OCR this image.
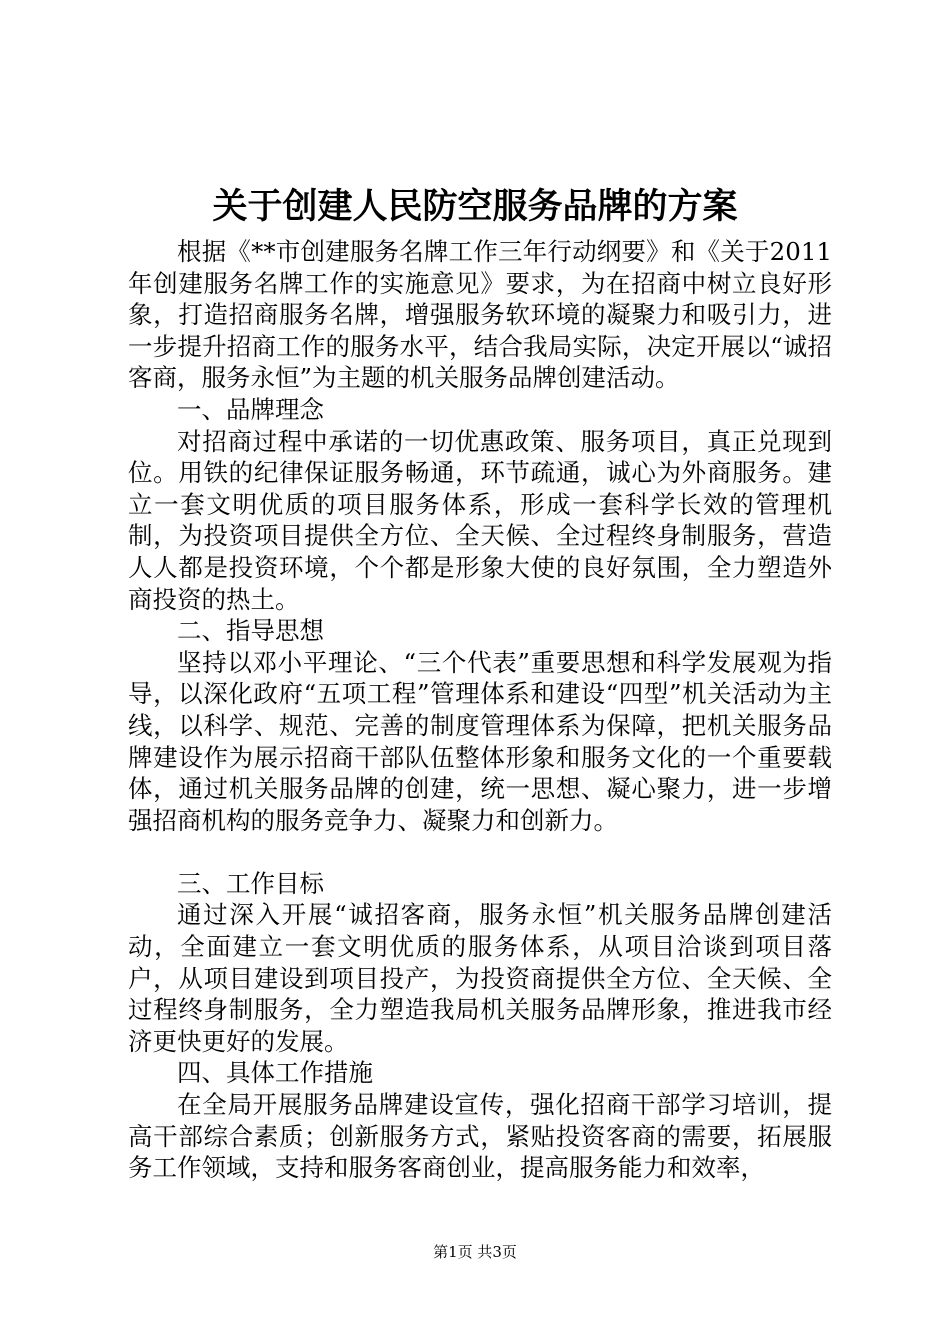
关于创建人民防空服务品牌的方案

根据《**市创建服务名牌工作三年行动纲要》和《关于2011年创建服务名牌工作的实施意见》要求，为在招商中树立良好形象，打造招商服务名牌，增强服务软环境的凝聚力和吸引力，进一步提升招商工作的服务水平，结合我局实际，决定开展以“诚招客商，服务永恒”为主题的机关服务品牌创建活动。

一、品牌理念

对招商过程中承诺的一切优惠政策、服务项目，真正兑现到位。用铁的纪律保证服务畅通，环节疏通，诚心为外商服务。建立一套文明优质的项目服务体系，形成一套科学长效的管理机制，为投资项目提供全方位、全天候、全过程终身制服务，营造人人都是投资环境，个个都是形象大使的良好氛围，全力塑造外商投资的热土。

二、指导思想

坚持以邓小平理论、“三个代表”重要思想和科学发展观为指导，以深化政府“五项工程”管理体系和建设“四型”机关活动为主线，以科学、规范、完善的制度管理体系为保障，把机关服务品牌建设作为展示招商干部队伍整体形象和服务文化的一个重要载体，通过机关服务品牌的创建，统一思想、凝心聚力，进一步增强招商机构的服务竞争力、凝聚力和创新力。

三、工作目标

通过深入开展“诚招客商，服务永恒”机关服务品牌创建活动，全面建立一套文明优质的服务体系，从项目洽谈到项目落户，从项目建设到项目投产，为投资商提供全方位、全天候、全过程终身制服务，全力塑造我局机关服务品牌形象，推进我市经济更快更好的发展。

四、具体工作措施

在全局开展服务品牌建设宣传，强化招商干部学习培训，提高干部综合素质；创新服务方式，紧贴投资客商的需要，拓展服务工作领域，支持和服务客商创业，提高服务能力和效率，

第1页 共3页
